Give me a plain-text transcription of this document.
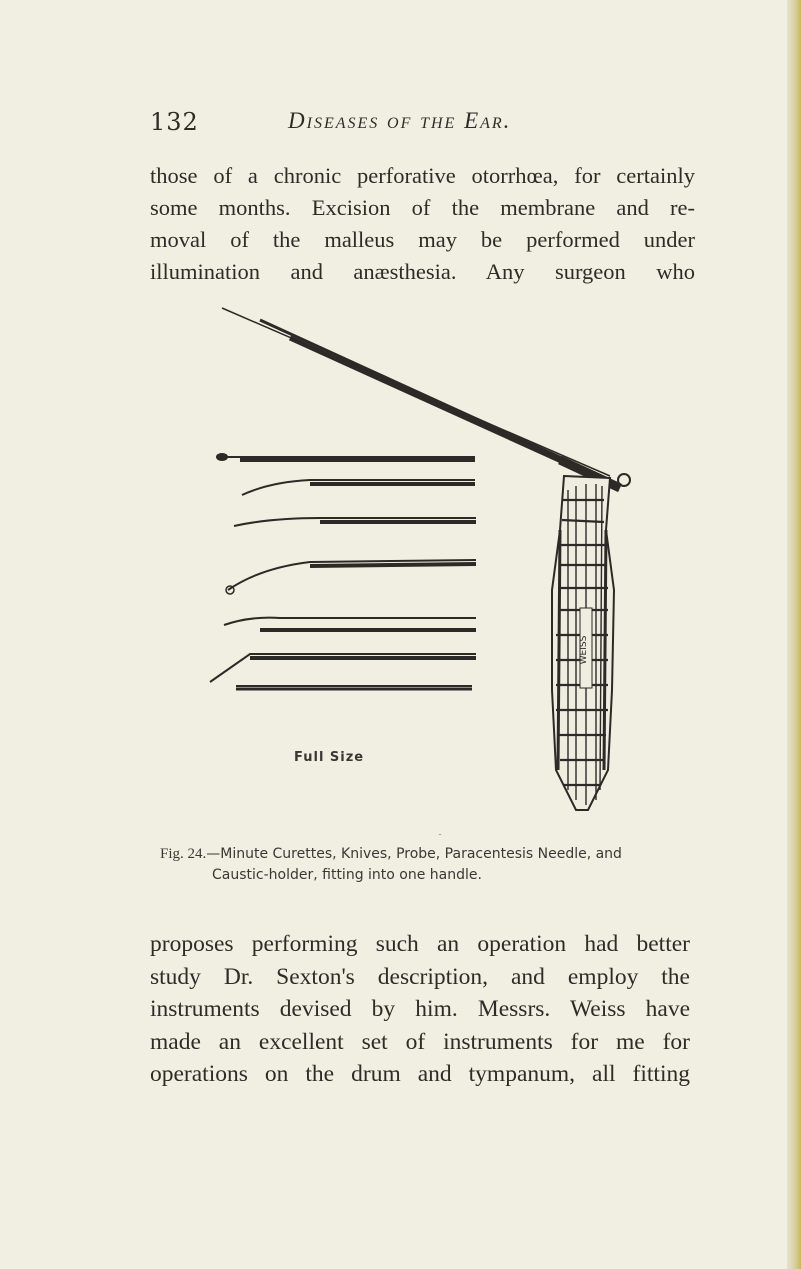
132	Diseases of the Ear.
those of a chronic perforative otorrhœa, for certainly
some months. Excision of the membrane and re-
moval of the malleus may be performed under
illumination and anæsthesia. Any surgeon who
WEISS
Full Size
Fig. 24.—Minute Curettes, Knives, Probe, Paracentesis Needle, and
Caustic-holder, fitting into one handle.
proposes performing such an operation had better
study Dr. Sexton's description, and employ the
instruments devised by him. Messrs. Weiss have
made an excellent set of instruments for me for
operations on the drum and tympanum, all fitting
